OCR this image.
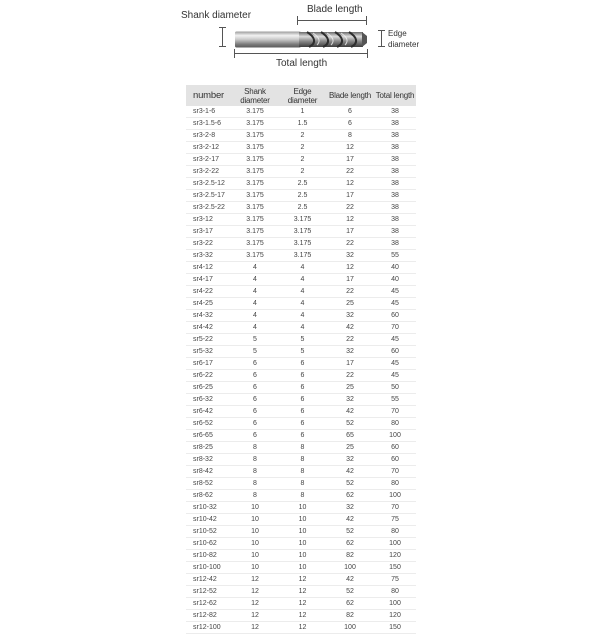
Shank diameter
Blade length
Edge
diameter
Total length
number	Shank diameter	Edge diameter	Blade length	Total length
sr3-1-6	3.175	1	6	38
sr3-1.5-6	3.175	1.5	6	38
sr3-2-8	3.175	2	8	38
sr3-2-12	3.175	2	12	38
sr3-2-17	3.175	2	17	38
sr3-2-22	3.175	2	22	38
sr3-2.5-12	3.175	2.5	12	38
sr3-2.5-17	3.175	2.5	17	38
sr3-2.5-22	3.175	2.5	22	38
sr3-12	3.175	3.175	12	38
sr3-17	3.175	3.175	17	38
sr3-22	3.175	3.175	22	38
sr3-32	3.175	3.175	32	55
sr4-12	4	4	12	40
sr4-17	4	4	17	40
sr4-22	4	4	22	45
sr4-25	4	4	25	45
sr4-32	4	4	32	60
sr4-42	4	4	42	70
sr5-22	5	5	22	45
sr5-32	5	5	32	60
sr6-17	6	6	17	45
sr6-22	6	6	22	45
sr6-25	6	6	25	50
sr6-32	6	6	32	55
sr6-42	6	6	42	70
sr6-52	6	6	52	80
sr6-65	6	6	65	100
sr8-25	8	8	25	60
sr8-32	8	8	32	60
sr8-42	8	8	42	70
sr8-52	8	8	52	80
sr8-62	8	8	62	100
sr10-32	10	10	32	70
sr10-42	10	10	42	75
sr10-52	10	10	52	80
sr10-62	10	10	62	100
sr10-82	10	10	82	120
sr10-100	10	10	100	150
sr12-42	12	12	42	75
sr12-52	12	12	52	80
sr12-62	12	12	62	100
sr12-82	12	12	82	120
sr12-100	12	12	100	150
